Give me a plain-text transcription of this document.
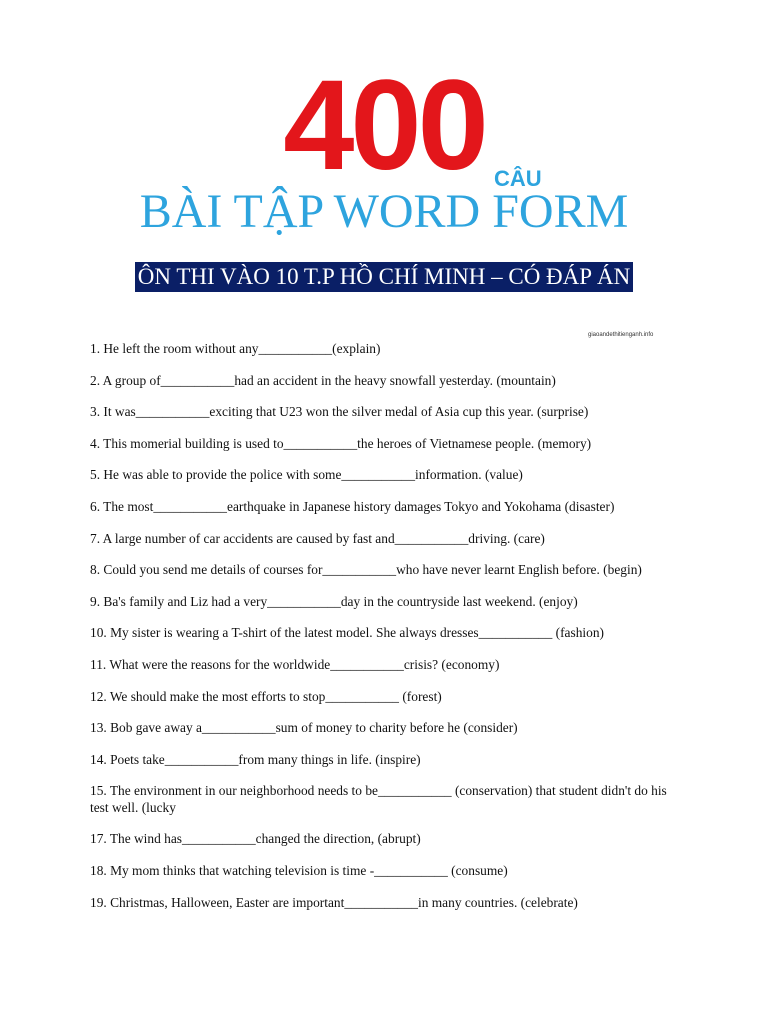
400 CÂU
BÀI TẬP WORD FORM
ÔN THI VÀO 10 T.P HỒ CHÍ MINH – CÓ ĐÁP ÁN
giaoandethitienganh.info
1. He left the room without any___________(explain)
2. A group of___________had an accident in the heavy snowfall yesterday. (mountain)
3. It was___________exciting that U23 won the silver medal of Asia cup this year. (surprise)
4. This momerial building is used to___________the heroes of Vietnamese people. (memory)
5. He was able to provide the police with some___________information. (value)
6. The most___________earthquake in Japanese history damages Tokyo and Yokohama (disaster)
7. A large number of car accidents are caused by fast and___________driving. (care)
8. Could you send me details of courses for___________who have never learnt English before. (begin)
9. Ba's family and Liz had a very___________day in the countryside last weekend. (enjoy)
10. My sister is wearing a T-shirt of the latest model. She always dresses___________ (fashion)
11. What were the reasons for the worldwide___________crisis? (economy)
12. We should make the most efforts to stop___________ (forest)
13. Bob gave away a___________sum of money to charity before he (consider)
14. Poets take___________from many things in life. (inspire)
15. The environment in our neighborhood needs to be___________ (conservation) that student didn't do his test well. (lucky
17. The wind has___________changed the direction, (abrupt)
18. My mom thinks that watching television is time -___________ (consume)
19. Christmas, Halloween, Easter are important___________in many countries. (celebrate)
